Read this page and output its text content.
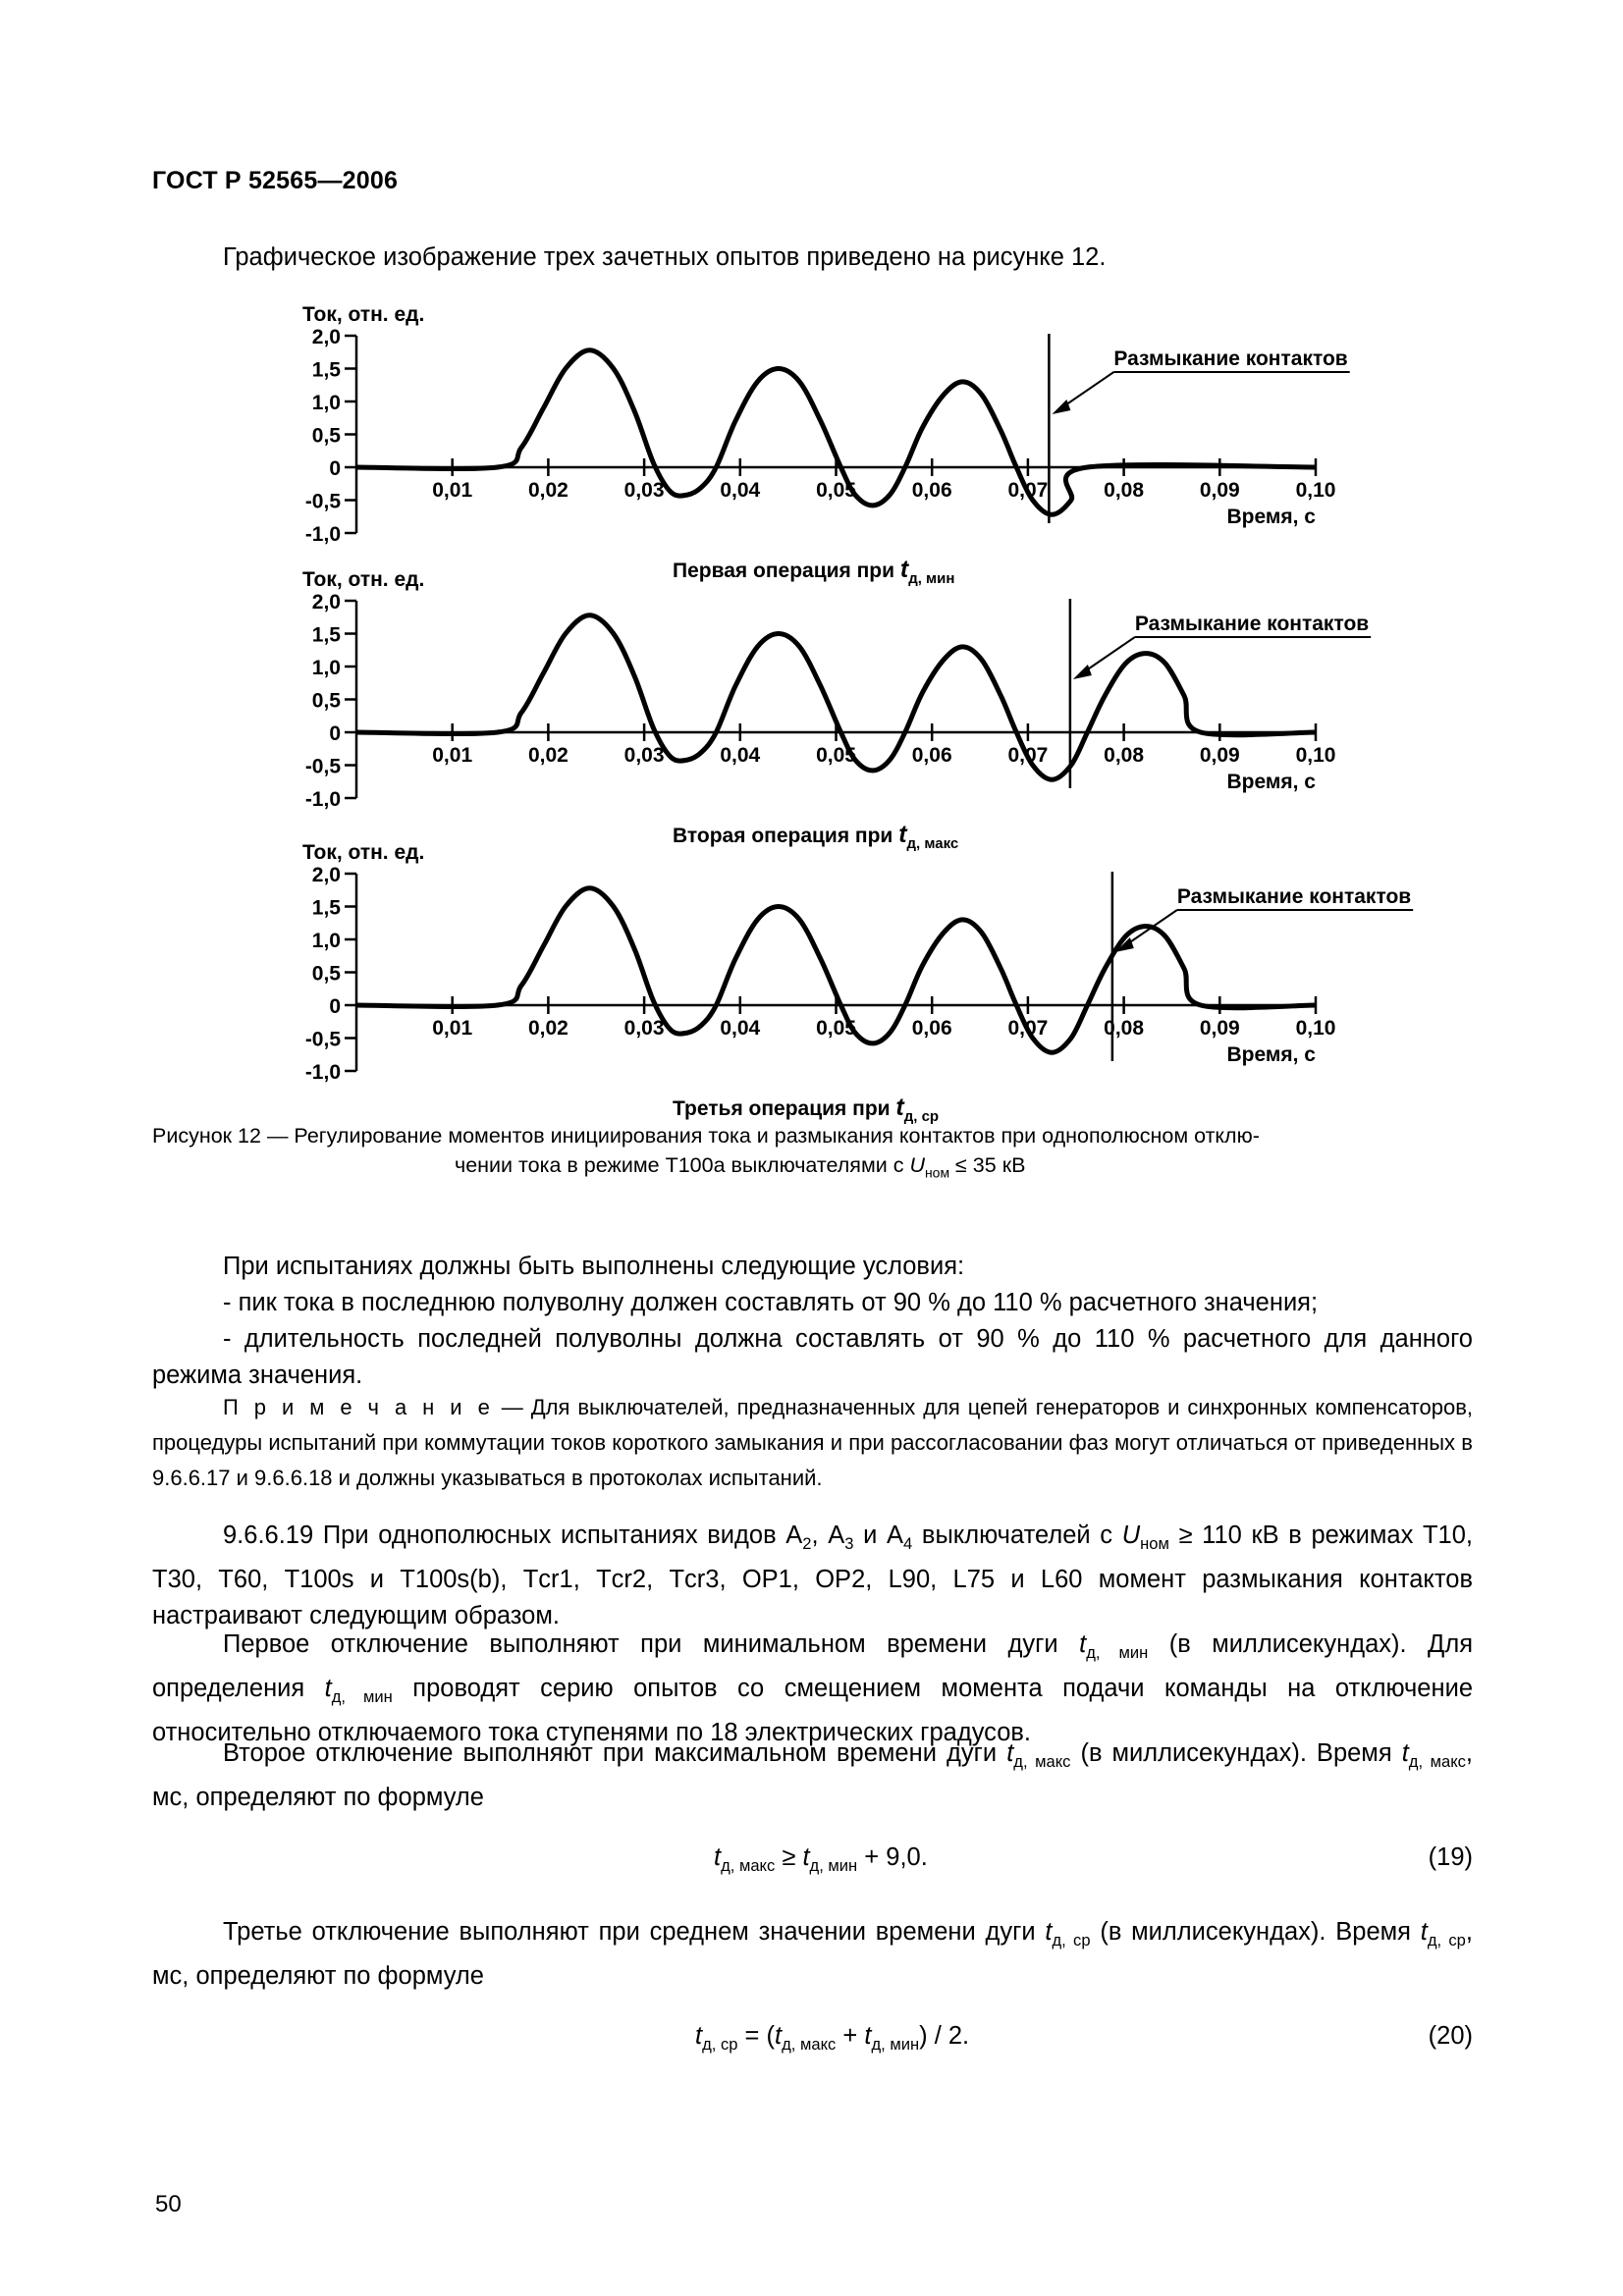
ГОСТ Р 52565—2006
Графическое изображение трех зачетных опытов приведено на рисунке 12.
Ток, отн. ед.
2,0
1,5
1,0
0,5
0
-0,5
-1,0
0,01	0,02	0,03	0,04	0,05	0,06	0,07	0,08	0,09	0,10
Время, с
Размыкание контактов
Первая операция при $t_{д, мин}$
Ток, отн. ед.
2,0
1,5
1,0
0,5
0
-0,5
-1,0
0,01	0,02	0,03	0,04	0,05	0,06	0,07	0,08	0,09	0,10
Время, с
Размыкание контактов
Вторая операция при $t_{д, макс}$
Ток, отн. ед.
2,0
1,5
1,0
0,5
0
-0,5
-1,0
0,01	0,02	0,03	0,04	0,05	0,06	0,07	0,08	0,09	0,10
Время, с
Размыкание контактов
Третья операция при $t_{д, ср}$
Рисунок 12 — Регулирование моментов инициирования тока и размыкания контактов при однополюсном отклю-
чении тока в режиме Т100а выключателями с $U_{ном} \le 35$ кВ
При испытаниях должны быть выполнены следующие условия:
- пик тока в последнюю полуволну должен составлять от 90 % до 110 % расчетного значения;
- длительность последней полуволны должна составлять от 90 % до 110 % расчетного для данного режима значения.
П р и м е ч а н и е — Для выключателей, предназначенных для цепей генераторов и синхронных компенсаторов, процедуры испытаний при коммутации токов короткого замыкания и при рассогласовании фаз могут отличаться от приведенных в 9.6.6.17 и 9.6.6.18 и должны указываться в протоколах испытаний.
9.6.6.19 При однополюсных испытаниях видов $А_2$, $А_3$ и $А_4$ выключателей с $U_{ном} \ge 110$ кВ в режимах Т10, Т30, Т60, Т100s и Т100s(b), Тcr1, Тcr2, Тcr3, ОР1, ОР2, L90, L75 и L60 момент размыкания контактов настраивают следующим образом.
Первое отключение выполняют при минимальном времени дуги $t_{д, мин}$ (в миллисекундах). Для определения $t_{д, мин}$ проводят серию опытов со смещением момента подачи команды на отключение относительно отключаемого тока ступенями по 18 электрических градусов.
Второе отключение выполняют при максимальном времени дуги $t_{д, макс}$ (в миллисекундах). Время $t_{д, макс}$, мс, определяют по формуле
$t_{д, макс} \ge t_{д, мин} + 9,0$.	(19)
Третье отключение выполняют при среднем значении времени дуги $t_{д, ср}$ (в миллисекундах). Время $t_{д, ср}$, мс, определяют по формуле
$t_{д, ср} = (t_{д, макс} + t_{д, мин}) / 2$.	(20)
50
